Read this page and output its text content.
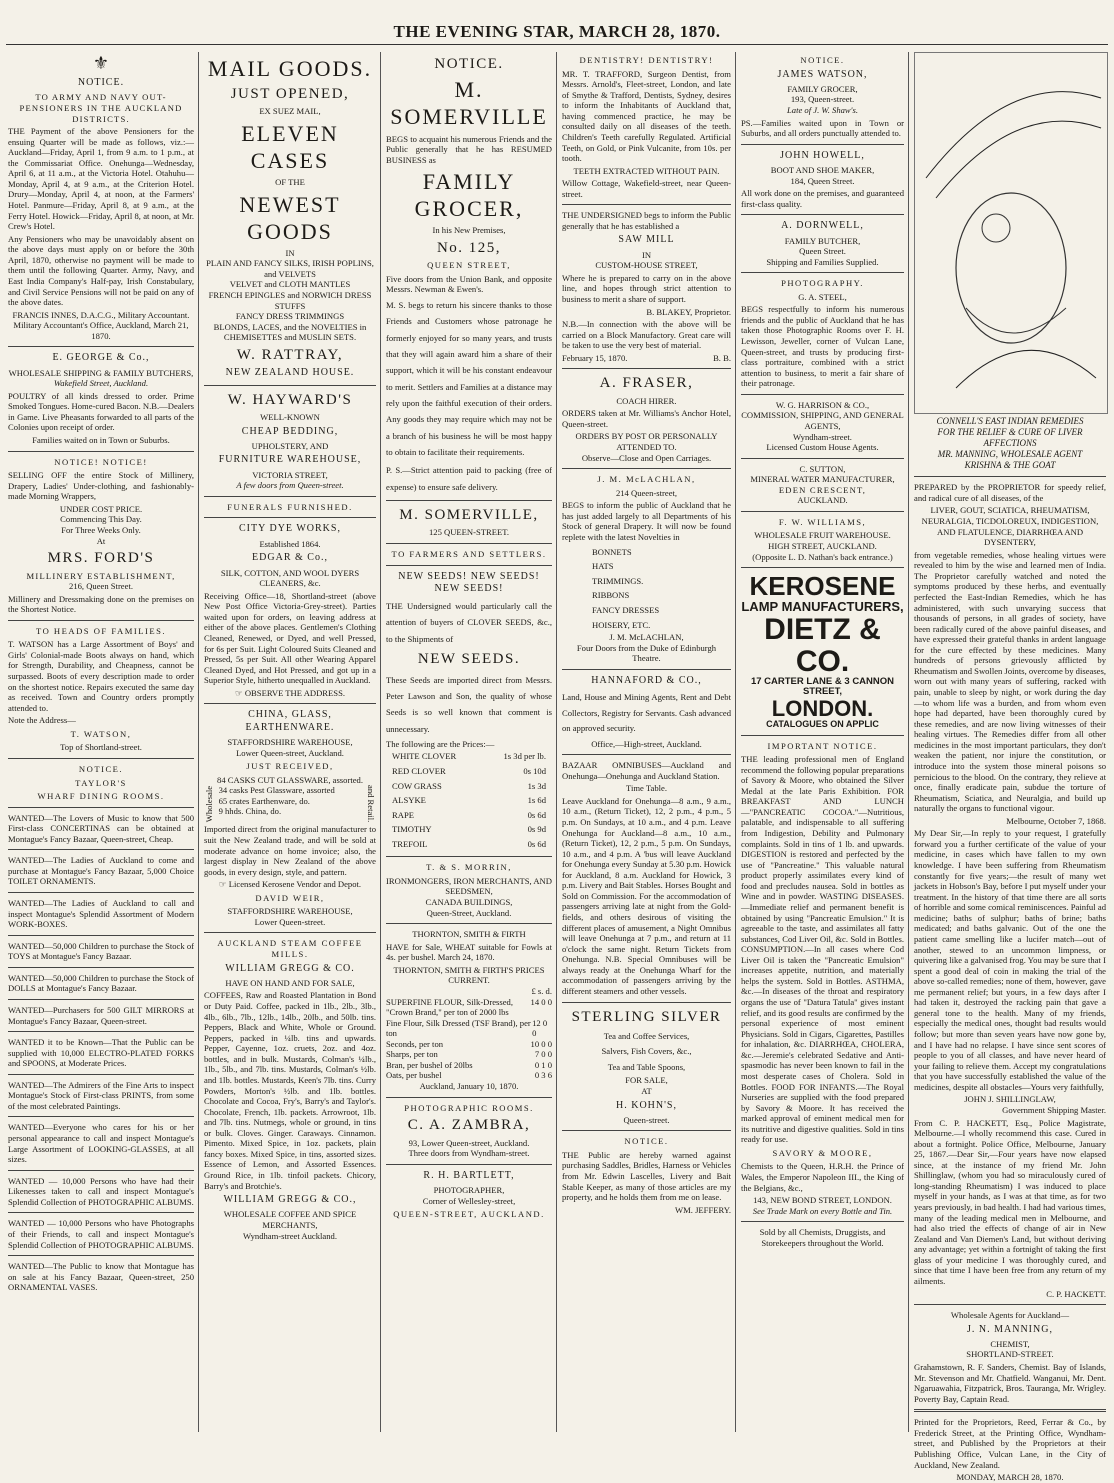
THE EVENING STAR, MARCH 28, 1870.
⚜
NOTICE.
TO ARMY AND NAVY OUT-PENSIONERS IN THE AUCKLAND DISTRICTS.

THE Payment of the above Pensioners for the ensuing Quarter will be made as follows, viz.:— Auckland—Friday, April 1, from 9 a.m. to 1 p.m., at the Commissariat Office. Onehunga—Wednesday, April 6, at 11 a.m., at the Victoria Hotel. Otahuhu—Monday, April 4, at 9 a.m., at the Criterion Hotel. Drury—Monday, April 4, at noon, at the Farmers' Hotel. Panmure—Friday, April 8, at 9 a.m., at the Ferry Hotel. Howick—Friday, April 8, at noon, at Mr. Crew's Hotel.

Any Pensioners who may be unavoidably absent on the above days must apply on or before the 30th April, 1870, otherwise no payment will be made to them until the following Quarter. Army, Navy, and East India Company's Half-pay, Irish Constabulary, and Civil Service Pensions will not be paid on any of the above dates.

FRANCIS INNES, D.A.C.G., Military Accountant.
Military Accountant's Office, Auckland, March 21, 1870.
E. GEORGE & Co.,
WHOLESALE SHIPPING & FAMILY BUTCHERS,
Wakefield Street, Auckland.

POULTRY of all kinds dressed to order. Prime Smoked Tongues. Home-cured Bacon. N.B.—Dealers in Game. Live Pheasants forwarded to all parts of the Colonies upon receipt of order.

Families waited on in Town or Suburbs.
NOTICE! NOTICE!

SELLING OFF the entire Stock of Millinery, Drapery, Ladies' Under-clothing, and fashionably-made Morning Wrappers,

UNDER COST PRICE.
Commencing This Day.
For Three Weeks Only.
At
MRS. FORD'S
MILLINERY ESTABLISHMENT,
216, Queen Street.

Millinery and Dressmaking done on the premises on the Shortest Notice.

TO HEADS OF FAMILIES.

T. WATSON has a Large Assortment of Boys' and Girls' Colonial-made Boots always on hand, which for Strength, Durability, and Cheapness, cannot be surpassed. Boots of every description made to order on the shortest notice. Repairs executed the same day as received. Town and Country orders promptly attended to.

Note the Address—
T. WATSON,
Top of Shortland-street.
NOTICE.
TAYLOR'S
WHARF DINING ROOMS.

WANTED—The Lovers of Music to know that 500 First-class CONCERTINAS can be obtained at Montague's Fancy Bazaar, Queen-street, Cheap.

WANTED—The Ladies of Auckland to come and purchase at Montague's Fancy Bazaar, 5,000 Choice TOILET ORNAMENTS.

WANTED—The Ladies of Auckland to call and inspect Montague's Splendid Assortment of Modern WORK-BOXES.

WANTED—50,000 Children to purchase the Stock of TOYS at Montague's Fancy Bazaar.

WANTED—50,000 Children to purchase the Stock of DOLLS at Montague's Fancy Bazaar.

WANTED—Purchasers for 500 GILT MIRRORS at Montague's Fancy Bazaar, Queen-street.

WANTED it to be Known—That the Public can be supplied with 10,000 ELECTRO-PLATED FORKS and SPOONS, at Moderate Prices.

WANTED—The Admirers of the Fine Arts to inspect Montague's Stock of First-class PRINTS, from some of the most celebrated Paintings.

WANTED—Everyone who cares for his or her personal appearance to call and inspect Montague's Large Assortment of LOOKING-GLASSES, at all sizes.

WANTED — 10,000 Persons who have had their Likenesses taken to call and inspect Montague's Splendid Collection of PHOTOGRAPHIC ALBUMS.

WANTED — 10,000 Persons who have Photographs of their Friends, to call and inspect Montague's Splendid Collection of PHOTOGRAPHIC ALBUMS.

WANTED—The Public to know that Montague has on sale at his Fancy Bazaar, Queen-street, 250 ORNAMENTAL VASES.

MAIL GOODS.
JUST OPENED,
EX SUEZ MAIL,
ELEVEN CASES
OF THE
NEWEST GOODS
IN
PLAIN AND FANCY SILKS, IRISH POPLINS, and VELVETS
VELVET and CLOTH MANTLES
FRENCH EPINGLES and NORWICH DRESS STUFFS
FANCY DRESS TRIMMINGS
BLONDS, LACES, and the NOVELTIES in CHEMISETTES and MUSLIN SETS.
W. RATTRAY,
NEW ZEALAND HOUSE.
W. HAYWARD'S
WELL-KNOWN
CHEAP BEDDING,
UPHOLSTERY, AND
FURNITURE WAREHOUSE,
VICTORIA STREET,
A few doors from Queen-street.
FUNERALS FURNISHED.
CITY DYE WORKS,
Established 1864.
EDGAR & Co.,
SILK, COTTON, AND WOOL DYERS CLEANERS, &c.

Receiving Office—18, Shortland-street (above New Post Office Victoria-Grey-street). Parties waited upon for orders, on leaving address at either of the above places. Gentlemen's Clothing Cleaned, Renewed, or Dyed, and well Pressed, for 6s per Suit. Light Coloured Suits Cleaned and Pressed, 5s per Suit. All other Wearing Apparel Cleaned Dyed, and Hot Pressed, and got up in a Superior Style, hitherto unequalled in Auckland.

☞ OBSERVE THE ADDRESS.
CHINA, GLASS, EARTHENWARE.
STAFFORDSHIRE WAREHOUSE,
Lower Queen-street, Auckland.
JUST RECEIVED,
84 CASKS CUT GLASSWARE, assorted.
Wholesale 34 casks Pest Glassware, assorted
65 crates Earthenware, do.
9 hhds. China, do.	and Retail.

Imported direct from the original manufacturer to suit the New Zealand trade, and will be sold at moderate advance on home invoice; also, the largest display in New Zealand of the above goods, in every design, style, and pattern.

☞ Licensed Kerosene Vendor and Depot.
DAVID WEIR,
STAFFORDSHIRE WAREHOUSE,
Lower Queen-street.
AUCKLAND STEAM COFFEE MILLS.
WILLIAM GREGG & CO.
HAVE ON HAND AND FOR SALE,

COFFEES, Raw and Roasted Plantation in Bond or Duty Paid. Coffee, packed in 1lb., 2lb., 3lb., 4lb., 6lb., 7lb., 12lb., 14lb., 20lb., and 50lb. tins. Peppers, Black and White, Whole or Ground. Peppers, packed in ¼lb. tins and upwards. Pepper, Cayenne, 1oz. cruets, 2oz. and 4oz. bottles, and in bulk. Mustards, Colman's ¼lb., 1lb., 5lb., and 7lb. tins. Mustards, Colman's ½lb. and 1lb. bottles. Mustards, Keen's 7lb. tins. Curry Powders, Morton's ½lb. and 1lb. bottles. Chocolate and Cocoa, Fry's, Barry's and Taylor's. Chocolate, French, 1lb. packets. Arrowroot, 1lb. and 7lb. tins. Nutmegs, whole or ground, in tins or bulk. Cloves. Ginger. Caraways. Cinnamon. Pimento. Mixed Spice, in 1oz. packets, plain fancy boxes. Mixed Spice, in tins, assorted sizes. Essence of Lemon, and Assorted Essences. Ground Rice, in 1lb. tinfoil packets. Chicory, Barry's and Brotchie's.

WILLIAM GREGG & CO.,
WHOLESALE COFFEE AND SPICE MERCHANTS,
Wyndham-street Auckland.
NOTICE.
M. SOMERVILLE

BEGS to acquaint his numerous Friends and the Public generally that he has RESUMED BUSINESS as

FAMILY GROCER,
In his New Premises,
No. 125,
QUEEN STREET,

Five doors from the Union Bank, and opposite Messrs. Newman & Ewen's.

M. S. begs to return his sincere thanks to those Friends and Customers whose patronage he formerly enjoyed for so many years, and trusts that they will again award him a share of their support, which it will be his constant endeavour to merit. Settlers and Families at a distance may rely upon the faithful execution of their orders. Any goods they may require which may not be a branch of his business he will be most happy to obtain to facilitate their requirements.

P. S.—Strict attention paid to packing (free of expense) to ensure safe delivery.

M. SOMERVILLE,
125 QUEEN-STREET.
TO FARMERS AND SETTLERS.
NEW SEEDS! NEW SEEDS! NEW SEEDS!

THE Undersigned would particularly call the attention of buyers of CLOVER SEEDS, &c., to the Shipments of

NEW SEEDS.

These Seeds are imported direct from Messrs. Peter Lawson and Son, the quality of whose Seeds is so well known that comment is unnecessary.

The following are the Prices:—
WHITE CLOVER	1s 3d per lb.
RED CLOVER	0s 10d
COW GRASS	1s 3d
ALSYKE	1s 6d
RAPE	0s 6d
TIMOTHY	0s 9d
TREFOIL	0s 6d
T. & S. MORRIN,
IRONMONGERS, IRON MERCHANTS, AND SEEDSMEN,
CANADA BUILDINGS,
Queen-Street, Auckland.
THORNTON, SMITH & FIRTH

HAVE for Sale, WHEAT suitable for Fowls at 4s. per bushel. March 24, 1870.

THORNTON, SMITH & FIRTH'S PRICES CURRENT.
£ s. d.
SUPERFINE FLOUR, Silk-Dressed, "Crown Brand," per ton of 2000 lbs
14 0 0
Fine Flour, Silk Dressed (TSF Brand), per ton
12 0 0
Seconds, per ton	10 0 0
Sharps, per ton	7 0 0
Bran, per bushel of 20lbs	0 1 0
Oats, per bushel	0 3 6
Auckland, January 10, 1870.
PHOTOGRAPHIC ROOMS.
C. A. ZAMBRA,
93, Lower Queen-street, Auckland.
Three doors from Wyndham-street.
R. H. BARTLETT,
PHOTOGRAPHER,
Corner of Wellesley-street,
QUEEN-STREET, AUCKLAND.
DENTISTRY! DENTISTRY!

MR. T. TRAFFORD, Surgeon Dentist, from Messrs. Arnold's, Fleet-street, London, and late of Smythe & Trafford, Dentists, Sydney, desires to inform the Inhabitants of Auckland that, having commenced practice, he may be consulted daily on all diseases of the teeth. Children's Teeth carefully Regulated. Artificial Teeth, on Gold, or Pink Vulcanite, from 10s. per tooth.

TEETH EXTRACTED WITHOUT PAIN.

Willow Cottage, Wakefield-street, near Queen-street.

THE UNDERSIGNED begs to inform the Public generally that he has established a

SAW MILL
IN
CUSTOM-HOUSE STREET,

Where he is prepared to carry on in the above line, and hopes through strict attention to business to merit a share of support.

B. BLAKEY, Proprietor.

N.B.—In connection with the above will be carried on a Block Manufactory. Great care will be taken to use the very best of material.

February 15, 1870.	B. B.
A. FRASER,
COACH HIRER.

ORDERS taken at Mr. Williams's Anchor Hotel, Queen-street.

ORDERS BY POST OR PERSONALLY ATTENDED TO.
Observe—Close and Open Carriages.
J. M. McLACHLAN,
214 Queen-street,

BEGS to inform the public of Auckland that he has just added largely to all Departments of his Stock of general Drapery. It will now be found replete with the latest Novelties in

BONNETS
HATS
TRIMMINGS.
RIBBONS
FANCY DRESSES
HOISERY, ETC.
J. M. McLACHLAN,
Four Doors from the Duke of Edinburgh Theatre.
HANNAFORD & CO.,

Land, House and Mining Agents, Rent and Debt Collectors, Registry for Servants. Cash advanced on approved security.

Office,—High-street, Auckland.

BAZAAR OMNIBUSES—Auckland and Onehunga—Onehunga and Auckland Station.

Time Table.

Leave Auckland for Onehunga—8 a.m., 9 a.m., 10 a.m., (Return Ticket), 12, 2 p.m., 4 p.m., 5 p.m. On Sundays, at 10 a.m., and 4 p.m. Leave Onehunga for Auckland—8 a.m., 10 a.m., (Return Ticket), 12, 2 p.m., 5 p.m. On Sundays, 10 a.m., and 4 p.m. A 'bus will leave Auckland for Onehunga every Sunday at 5.30 p.m. Howick for Auckland, 8 a.m. Auckland for Howick, 3 p.m. Livery and Bait Stables. Horses Bought and Sold on Commission. For the accommodation of passengers arriving late at night from the Gold-fields, and others desirous of visiting the different places of amusement, a Night Omnibus will leave Onehunga at 7 p.m., and return at 11 o'clock the same night. Return Tickets from Onehunga. N.B. Special Omnibuses will be always ready at the Onehunga Wharf for the accommodation of passengers arriving by the different steamers and other vessels.

STERLING SILVER
Tea and Coffee Services,
Salvers, Fish Covers, &c.,
Tea and Table Spoons,
FOR SALE,
AT
H. KOHN'S,
Queen-street.
NOTICE.

THE Public are hereby warned against purchasing Saddles, Bridles, Harness or Vehicles from Mr. Edwin Lascelles, Livery and Bait Stable Keeper, as many of those articles are my property, and he holds them from me on lease.

WM. JEFFERY.
NOTICE.
JAMES WATSON,
FAMILY GROCER,
193, Queen-street.
Late of J. W. Shaw's.

PS.—Families waited upon in Town or Suburbs, and all orders punctually attended to.

JOHN HOWELL,
BOOT AND SHOE MAKER,
184, Queen Street.

All work done on the premises, and guaranteed first-class quality.

A. DORNWELL,
FAMILY BUTCHER,
Queen Street.
Shipping and Families Supplied.
PHOTOGRAPHY.
G. A. STEEL,

BEGS respectfully to inform his numerous friends and the public of Auckland that he has taken those Photographic Rooms over F. H. Lewisson, Jeweller, corner of Vulcan Lane, Queen-street, and trusts by producing first-class portraiture, combined with a strict attention to business, to merit a fair share of their patronage.

W. G. HARRISON & CO.,
COMMISSION, SHIPPING, AND GENERAL AGENTS,
Wyndham-street.
Licensed Custom House Agents.
C. SUTTON,
MINERAL WATER MANUFACTURER,
EDEN CRESCENT,
AUCKLAND.
F. W. WILLIAMS,
WHOLESALE FRUIT WAREHOUSE.
HIGH STREET, AUCKLAND.
(Opposite L. D. Nathan's back entrance.)
KEROSENE
LAMP MANUFACTURERS,
DIETZ & CO.
17 CARTER LANE & 3 CANNON STREET,
LONDON.
CATALOGUES ON APPLIC
IMPORTANT NOTICE.

THE leading professional men of England recommend the following popular preparations of Savory & Moore, who obtained the Silver Medal at the late Paris Exhibition. FOR BREAKFAST AND LUNCH—"PANCREATIC COCOA."—Nutritious, palatable, and indispensable to all suffering from Indigestion, Debility and Pulmonary complaints. Sold in tins of 1 lb. and upwards. DIGESTION is restored and perfected by the use of "Pancreatine." This valuable natural product properly assimilates every kind of food and precludes nausea. Sold in bottles as Wine and in powder. WASTING DISEASES.—Immediate relief and permanent benefit is obtained by using "Pancreatic Emulsion." It is agreeable to the taste, and assimilates all fatty substances, Cod Liver Oil, &c. Sold in Bottles. CONSUMPTION.—In all cases where Cod Liver Oil is taken the "Pancreatic Emulsion" increases appetite, nutrition, and materially helps the system. Sold in Bottles. ASTHMA, &c.—In diseases of the throat and respiratory organs the use of "Datura Tatula" gives instant relief, and its good results are confirmed by the personal experience of most eminent Physicians. Sold in Cigars, Cigarettes, Pastilles for inhalation, &c. DIARRHŒA, CHOLERA, &c.—Jeremie's celebrated Sedative and Anti-spasmodic has never been known to fail in the most desperate cases of Cholera. Sold in Bottles. FOOD FOR INFANTS.—The Royal Nurseries are supplied with the food prepared by Savory & Moore. It has received the marked approval of eminent medical men for its nutritive and digestive qualities. Sold in tins ready for use.

SAVORY & MOORE,

Chemists to the Queen, H.R.H. the Prince of Wales, the Emperor Napoleon III., the King of the Belgians, &c.,

143, NEW BOND STREET, LONDON.
See Trade Mark on every Bottle and Tin.
Sold by all Chemists, Druggists, and Storekeepers throughout the World.
CONNELL'S EAST INDIAN REMEDIES
FOR THE RELIEF & CURE OF LIVER AFFECTIONS
MR. MANNING, WHOLESALE AGENT
KRISHNA & THE GOAT

PREPARED by the PROPRIETOR for speedy relief, and radical cure of all diseases, of the

LIVER, GOUT, SCIATICA, RHEUMATISM, NEURALGIA, TICDOLOREUX, INDIGESTION, AND FLATULENCE, DIARRHŒA AND DYSENTERY,

from vegetable remedies, whose healing virtues were revealed to him by the wise and learned men of India. The Proprietor carefully watched and noted the symptoms produced by these herbs, and eventually perfected the East-Indian Remedies, which he has administered, with such unvarying success that thousands of persons, in all grades of society, have been radically cured of the above painful diseases, and have expressed their grateful thanks in ardent language for the cure effected by these medicines. Many hundreds of persons grievously afflicted by Rheumatism and Swollen Joints, overcome by diseases, worn out with many years of suffering, racked with pain, unable to sleep by night, or work during the day—to whom life was a burden, and from whom even hope had departed, have been thoroughly cured by these remedies, and are now living witnesses of their healing virtues. The Remedies differ from all other medicines in the most important particulars, they don't weaken the patient, nor injure the constitution, or introduce into the system those mineral poisons so pernicious to the blood. On the contrary, they relieve at once, finally eradicate pain, subdue the torture of Rheumatism, Sciatica, and Neuralgia, and build up naturally the organs to functional vigour.

Melbourne, October 7, 1868.

My Dear Sir,—In reply to your request, I gratefully forward you a further certificate of the value of your medicine, in cases which have fallen to my own knowledge. I have been suffering from Rheumatism constantly for five years;—the result of many wet jackets in Hobson's Bay, before I put myself under your treatment. In the history of that time there are all sorts of horrible and some comical reminiscences. Painful ad medicine; baths of sulphur; baths of brine; baths medicated; and baths galvanic. Out of the one the patient came smelling like a lucifer match—out of another, stewed to an uncommon limpness, or quivering like a galvanised frog. You may be sure that I spent a good deal of coin in making the trial of the above so-called remedies; none of them, however, gave me permanent relief; but yours, in a few days after I had taken it, destroyed the racking pain that gave a general tone to the health. Many of my friends, especially the medical ones, thought bad results would follow; but more than seven years have now gone by, and I have had no relapse. I have since sent scores of people to you of all classes, and have never heard of your failing to relieve them. Accept my congratulations that you have successfully established the value of the medicines, despite all obstacles—Yours very faithfully,

JOHN J. SHILLINGLAW,
Government Shipping Master.

From C. P. HACKETT, Esq., Police Magistrate, Melbourne.—I wholly recommend this case. Cured in about a fortnight. Police Office, Melbourne, January 25, 1867.—Dear Sir,—Four years have now elapsed since, at the instance of my friend Mr. John Shillinglaw, (whom you had so miraculously cured of long-standing Rheumatism) I was induced to place myself in your hands, as I was at that time, as for two years previously, in bad health. I had had various times, many of the leading medical men in Melbourne, and had also tried the effects of change of air in New Zealand and Van Diemen's Land, but without deriving any advantage; yet within a fortnight of taking the first glass of your medicine I was thoroughly cured, and since that time I have been free from any return of my ailments.

C. P. HACKETT.
Wholesale Agents for Auckland—
J. N. MANNING,
CHEMIST,
SHORTLAND-STREET.

Grahamstown, R. F. Sanders, Chemist. Bay of Islands, Mr. Stevenson and Mr. Chatfield. Wanganui, Mr. Dent. Ngaruawahia, Fitzpatrick, Bros. Tauranga, Mr. Wrigley. Poverty Bay, Captain Read.

Printed for the Proprietors, Reed, Ferrar & Co., by Frederick Street, at the Printing Office, Wyndham-street, and Published by the Proprietors at their Publishing Office, Vulcan Lane, in the City of Auckland, New Zealand.

MONDAY, MARCH 28, 1870.
